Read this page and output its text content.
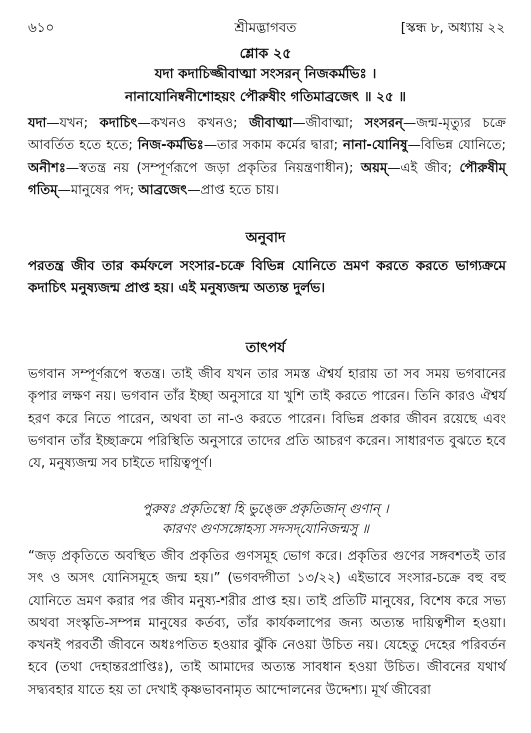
৬১০	শ্রীমদ্ভাগবত	[স্কন্ধ ৮, অধ্যায় ২২
শ্লোক ২৫
যদা কদাচিজ্জীবাত্মা সংসরন্ নিজকর্মভিঃ ।
নানাযোনিষ্বনীশোহয়ং পৌরুষীং গতিমাব্রজেৎ ॥ ২৫ ॥
যদা—যখন; কদাচিৎ—কখনও কখনও; জীবাত্মা—জীবাত্মা; সংসরন্—জন্ম-মৃত্যুর চক্রে আবর্তিত হতে হতে; নিজ-কর্মভিঃ—তার সকাম কর্মের দ্বারা; নানা-যোনিষু—বিভিন্ন যোনিতে; অনীশঃ—স্বতন্ত্র নয় (সম্পূর্ণরূপে জড়া প্রকৃতির নিয়ন্ত্রণাধীন); অয়ম্—এই জীব; পৌরুষীম্ গতিম্—মানুষের পদ; আব্রজেৎ—প্রাপ্ত হতে চায়।
অনুবাদ
পরতন্ত্র জীব তার কর্মফলে সংসার-চক্রে বিভিন্ন যোনিতে ভ্রমণ করতে করতে ভাগ্যক্রমে কদাচিৎ মনুষ্যজন্ম প্রাপ্ত হয়। এই মনুষ্যজন্ম অত্যন্ত দুর্লভ।
তাৎপর্য
ভগবান সম্পূর্ণরূপে স্বতন্ত্র। তাই জীব যখন তার সমস্ত ঐশ্বর্য হারায় তা সব সময় ভগবানের কৃপার লক্ষণ নয়। ভগবান তাঁর ইচ্ছা অনুসারে যা খুশি তাই করতে পারেন। তিনি কারও ঐশ্বর্য হরণ করে নিতে পারেন, অথবা তা না-ও করতে পারেন। বিভিন্ন প্রকার জীবন রয়েছে এবং ভগবান তাঁর ইচ্ছাক্রমে পরিস্থিতি অনুসারে তাদের প্রতি আচরণ করেন। সাধারণত বুঝতে হবে যে, মনুষ্যজন্ম সব চাইতে দায়িত্বপূর্ণ।
পুরুষঃ প্রকৃতিস্থো হি ভুঙ্ক্তে প্রকৃতিজান্ গুণান্ ।
কারণং গুণসঙ্গোহস্য সদসদ্‌যোনিজন্মসু ॥
“জড় প্রকৃতিতে অবস্থিত জীব প্রকৃতির গুণসমূহ ভোগ করে। প্রকৃতির গুণের সঙ্গবশতই তার সৎ ও অসৎ যোনিসমূহে জন্ম হয়।” (ভগবদ্গীতা ১৩/২২) এইভাবে সংসার-চক্রে বহু বহু যোনিতে ভ্রমণ করার পর জীব মনুষ্য-শরীর প্রাপ্ত হয়। তাই প্রতিটি মানুষের, বিশেষ করে সভ্য অথবা সংস্কৃতি-সম্পন্ন মানুষের কর্তব্য, তাঁর কার্যকলাপের জন্য অত্যন্ত দায়িত্বশীল হওয়া। কখনই পরবর্তী জীবনে অধঃপতিত হওয়ার ঝুঁকি নেওয়া উচিত নয়। যেহেতু দেহের পরিবর্তন হবে (তথা দেহান্তরপ্রাপ্তিঃ), তাই আমাদের অত্যন্ত সাবধান হওয়া উচিত। জীবনের যথার্থ সদ্ব্যবহার যাতে হয় তা দেখাই কৃষ্ণভাবনামৃত আন্দোলনের উদ্দেশ্য। মূর্খ জীবেরা
